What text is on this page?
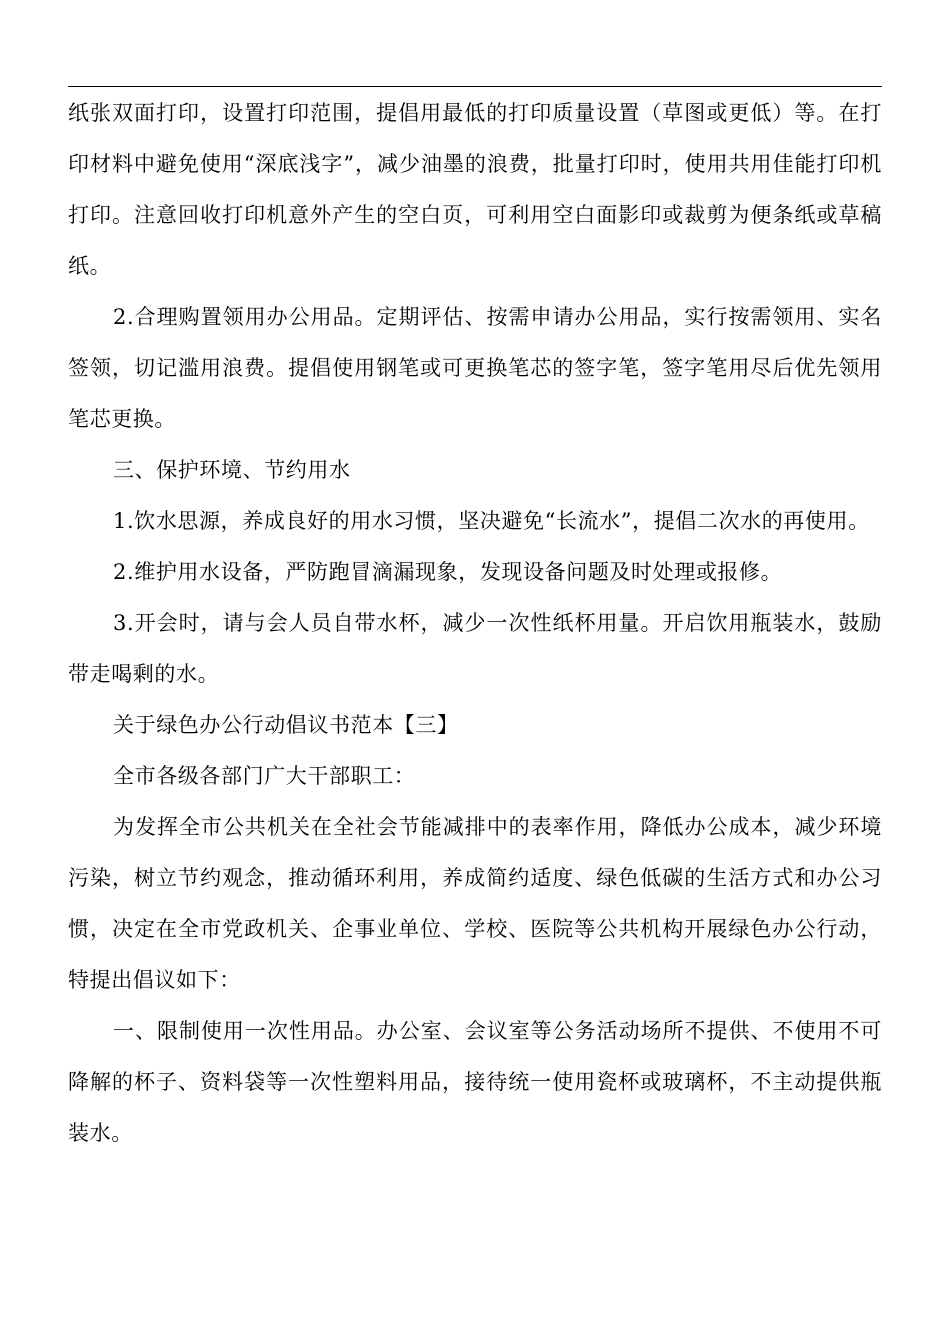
纸张双面打印，设置打印范围，提倡用最低的打印质量设置（草图或更低）等。在打印材料中避免使用“深底浅字”，减少油墨的浪费，批量打印时，使用共用佳能打印机打印。注意回收打印机意外产生的空白页，可利用空白面影印或裁剪为便条纸或草稿纸。

2.合理购置领用办公用品。定期评估、按需申请办公用品，实行按需领用、实名签领，切记滥用浪费。提倡使用钢笔或可更换笔芯的签字笔，签字笔用尽后优先领用笔芯更换。

三、保护环境、节约用水

1.饮水思源，养成良好的用水习惯，坚决避免“长流水”，提倡二次水的再使用。

2.维护用水设备，严防跑冒滴漏现象，发现设备问题及时处理或报修。

3.开会时，请与会人员自带水杯，减少一次性纸杯用量。开启饮用瓶装水，鼓励带走喝剩的水。

关于绿色办公行动倡议书范本【三】

全市各级各部门广大干部职工：

为发挥全市公共机关在全社会节能减排中的表率作用，降低办公成本，减少环境污染，树立节约观念，推动循环利用，养成简约适度、绿色低碳的生活方式和办公习惯，决定在全市党政机关、企事业单位、学校、医院等公共机构开展绿色办公行动，特提出倡议如下：

一、限制使用一次性用品。办公室、会议室等公务活动场所不提供、不使用不可降解的杯子、资料袋等一次性塑料用品，接待统一使用瓷杯或玻璃杯，不主动提供瓶装水。
